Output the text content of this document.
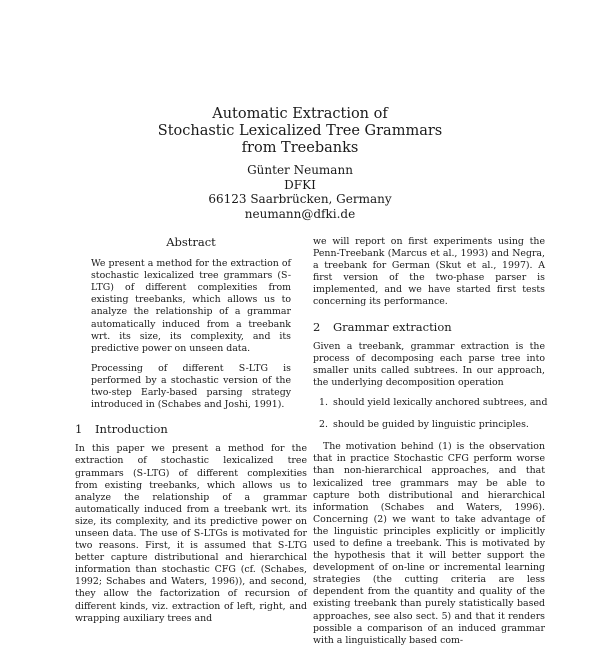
Automatic Extraction of
Stochastic Lexicalized Tree Grammars
from Treebanks
Günter Neumann
DFKI
66123 Saarbrücken, Germany
neumann@dfki.de
Abstract

We present a method for the extraction of stochastic lexicalized tree grammars (S-LTG) of different complexities from existing treebanks, which allows us to analyze the relationship of a grammar automatically induced from a treebank wrt. its size, its complexity, and its predictive power on unseen data.

Processing of different S-LTG is performed by a stochastic version of the two-step Early-based parsing strategy introduced in (Schabes and Joshi, 1991).

1 Introduction

In this paper we present a method for the extraction of stochastic lexicalized tree grammars (S-LTG) of different complexities from existing treebanks, which allows us to analyze the relationship of a grammar automatically induced from a treebank wrt. its size, its complexity, and its predictive power on unseen data. The use of S-LTGs is motivated for two reasons. First, it is assumed that S-LTG better capture distributional and hierarchical information than stochastic CFG (cf. (Schabes, 1992; Schabes and Waters, 1996)), and second, they allow the factorization of recursion of different kinds, viz. extraction of left, right, and wrapping auxiliary trees and

we will report on first experiments using the Penn-Treebank (Marcus et al., 1993) and Negra, a treebank for German (Skut et al., 1997). A first version of the two-phase parser is implemented, and we have started first tests concerning its performance.

2 Grammar extraction

Given a treebank, grammar extraction is the process of decomposing each parse tree into smaller units called subtrees. In our approach, the underlying decomposition operation

1. should yield lexically anchored subtrees, and
2. should be guided by linguistic principles.

The motivation behind (1) is the observation that in practice Stochastic CFG perform worse than non-hierarchical approaches, and that lexicalized tree grammars may be able to capture both distributional and hierarchical information (Schabes and Waters, 1996). Concerning (2) we want to take advantage of the linguistic principles explicitly or implicitly used to define a treebank. This is motivated by the hypothesis that it will better support the development of on-line or incremental learning strategies (the cutting criteria are less dependent from the quantity and quality of the existing treebank than purely statistically based approaches, see also sect. 5) and that it renders possible a comparison of an induced grammar with a linguistically based com-
